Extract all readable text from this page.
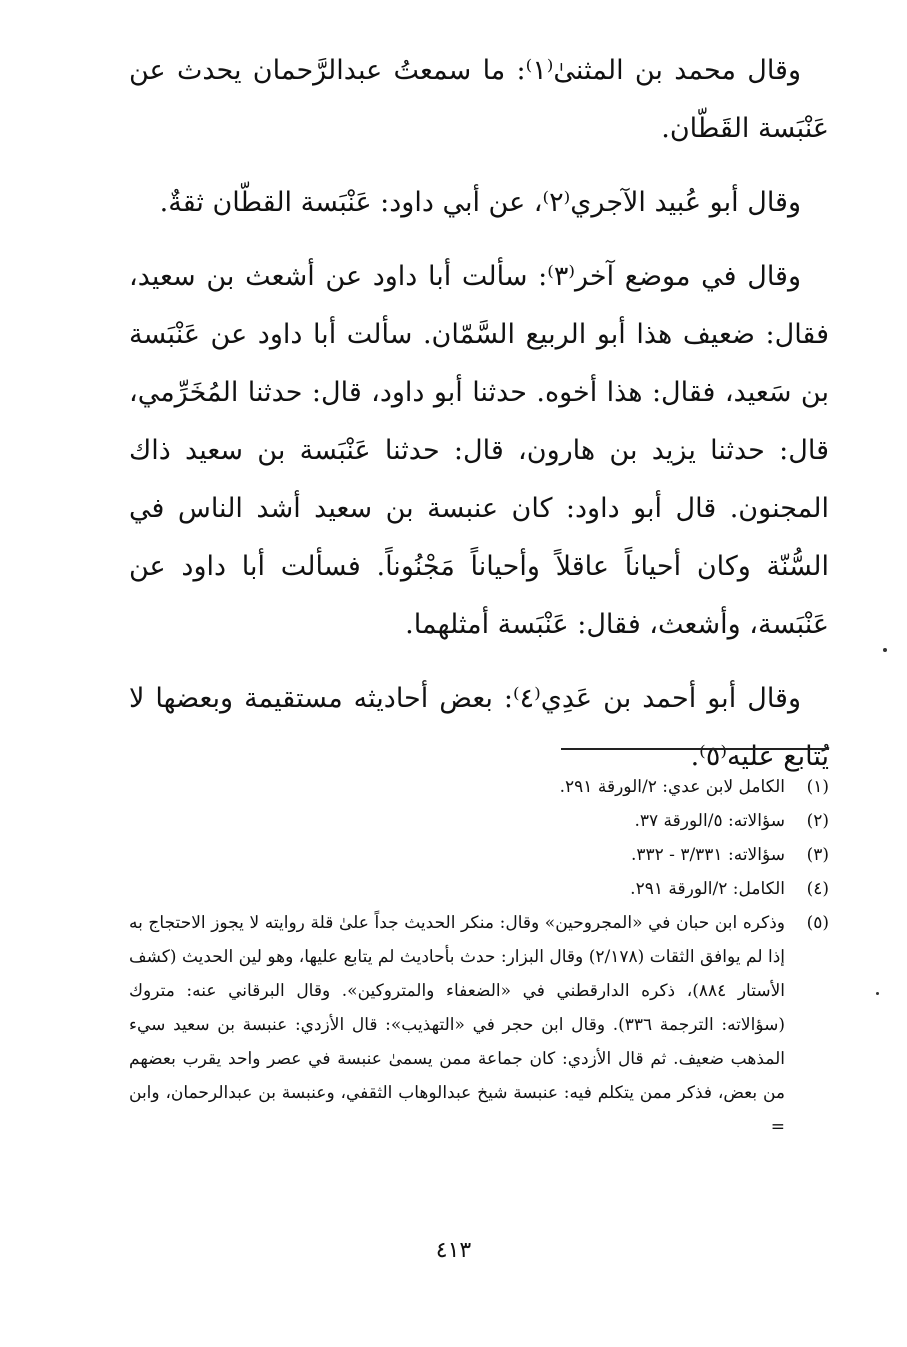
وقال محمد بن المثنىٰ⁽١⁾: ما سمعتُ عبدالرَّحمان يحدث عن عَنْبَسة القَطّان.

وقال أبو عُبيد الآجري⁽٢⁾، عن أبي داود: عَنْبَسة القطّان ثقةٌ.

وقال في موضع آخر⁽٣⁾: سألت أبا داود عن أشعث بن سعيد، فقال: ضعيف هذا أبو الربيع السَّمّان. سألت أبا داود عن عَنْبَسة بن سَعيد، فقال: هذا أخوه. حدثنا أبو داود، قال: حدثنا المُخَرِّمي، قال: حدثنا يزيد بن هارون، قال: حدثنا عَنْبَسة بن سعيد ذاك المجنون. قال أبو داود: كان عنبسة بن سعيد أشد الناس في السُّنّة وكان أحياناً عاقلاً وأحياناً مَجْنُوناً. فسألت أبا داود عن عَنْبَسة، وأشعث، فقال: عَنْبَسة أمثلهما.

وقال أبو أحمد بن عَدِي⁽٤⁾: بعض أحاديثه مستقيمة وبعضها لا يُتابع عليه⁽٥⁾.

(١)
الكامل لابن عدي: ٢/الورقة ٢٩١.
(٢)
سؤالاته: ٥/الورقة ٣٧.
(٣)
سؤالاته: ٣/٣٣١ - ٣٣٢.
(٤)
الكامل: ٢/الورقة ٢٩١.
(٥)
وذكره ابن حبان في «المجروحين» وقال: منكر الحديث جداً علىٰ قلة روايته لا يجوز الاحتجاج به إذا لم يوافق الثقات (٢/١٧٨) وقال البزار: حدث بأحاديث لم يتابع عليها، وهو لين الحديث (كشف الأستار ٨٨٤)، ذكره الدارقطني في «الضعفاء والمتروكين». وقال البرقاني عنه: متروك (سؤالاته: الترجمة ٣٣٦). وقال ابن حجر في «التهذيب»: قال الأزدي: عنبسة بن سعيد سيء المذهب ضعيف. ثم قال الأزدي: كان جماعة ممن يسمىٰ عنبسة في عصر واحد يقرب بعضهم من بعض، فذكر ممن يتكلم فيه: عنبسة شيخ عبدالوهاب الثقفي، وعنبسة بن عبدالرحمان، وابن =
٤١٣
